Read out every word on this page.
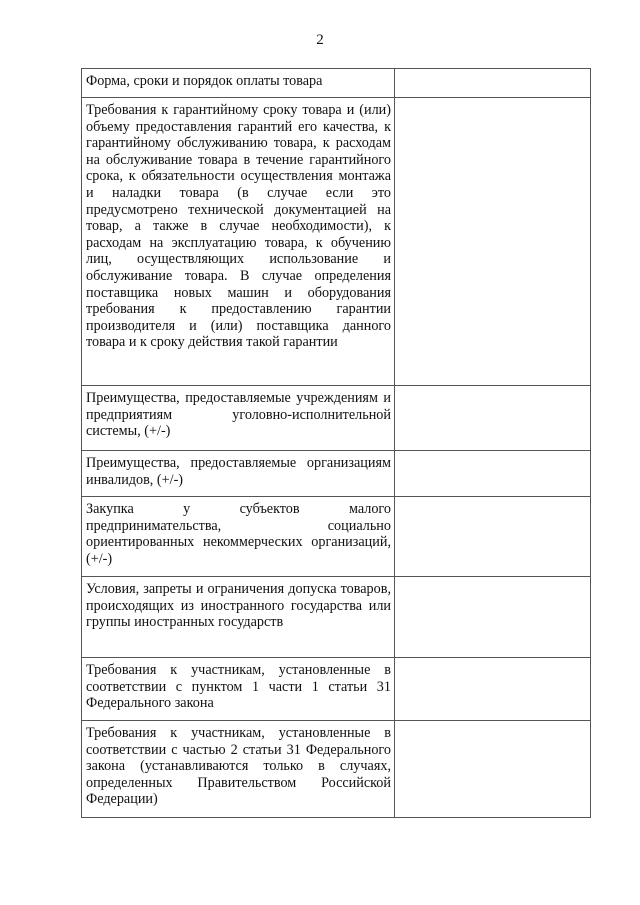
2
Форма, сроки и порядок оплаты товара	

Требования к гарантийному сроку товара и (или) объему предоставления гарантий его качества, к гарантийному обслуживанию товара, к расходам на обслуживание товара в течение гарантийного срока, к обязательности осуществления монтажа и наладки товара (в случае если это предусмотрено технической документацией на товар, а также в случае необходимости), к расходам на эксплуатацию товара, к обучению лиц, осуществляющих использование и обслуживание товара. В случае определения поставщика новых машин и оборудования требования к предоставлению гарантии производителя и (или) поставщика данного товара и к сроку действия такой гарантии	

Преимущества, предоставляемые учреждениям и предприятиям уголовно-исполнительной системы, (+/-)	

Преимущества, предоставляемые организациям инвалидов, (+/-)	

Закупка у субъектов малого предпринимательства, социально ориентированных некоммерческих организаций, (+/-)	

Условия, запреты и ограничения допуска товаров, происходящих из иностранного государства или группы иностранных государств	

Требования к участникам, установленные в соответствии с пунктом 1 части 1 статьи 31 Федерального закона	

Требования к участникам, установленные в соответствии с частью 2 статьи 31 Федерального закона (устанавливаются только в случаях, определенных Правительством Российской Федерации)	
